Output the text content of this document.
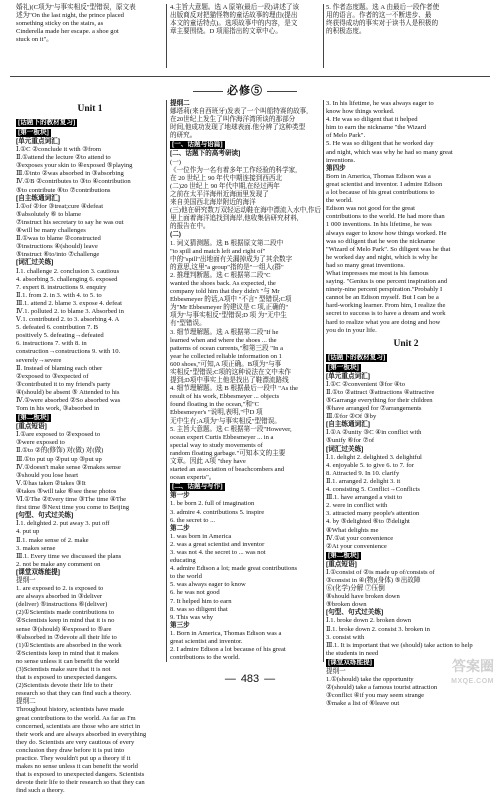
婚礼)(C项为"与事实相反"型错误，原文表
述为"On the last night, the prince placed
something sticky on the stairs, as
Cinderella made her escape. a shoe got
stuck on it"。
4.主旨大意题。选 A 原第(最后一段)讲述了该
出版商反对把猫怪物的童话故事的理由(提出
本文的童话特点)。选项故事中的内容，是文
章主要围绕。D 项需指出的文章中心。
5. 作者态度题。选 A 由最后一段作者使
用的语言。作者的这一不断进步、最
终获得成功的事实对于读书人是积极的
的积极态度。
必修⑤
Unit 1
[话题下的教材复习]
[第一板块]
[单元重点词汇]
Ⅰ.①C ②conclude it with ③from
Ⅱ.①attend the lecture ②to attend to
③exposes your skin to ④exposed ⑤playing
Ⅲ.①into ②was absorbed in ③absorbing
Ⅳ.①B ②contributes to ③to ④contribution
⑤to contribute ⑥to ⑦contributions
[自主练通词汇]
Ⅰ.①of ②for ③treat;cure ④defeat
⑤absolutely ⑥ to blame
⑦instruct his secretary to say he was out
⑧will be many challenges
Ⅱ.①was to blame ②constructed
③instructions ④(should) leave
⑤instruct ⑥to/into ⑦challenge
[词汇过关练]
Ⅰ.1. challenge 2. conclusion 3. cautious
4. absorbing 5. challenging 6. exposed
7. expert 8. instructions 9. enquiry
Ⅱ.1. from 2. in 3. with 4. to 5. to
Ⅲ.1. attend 2. blame 3. expose 4. defeat
Ⅳ.1. polluted 2. to blame 3. Absorbed in
Ⅴ.1. contributed 2. to 3. absorbing 4. A
5. defeated 6. contribution 7. B
positively 5. defeating→defeated
6. instructions 7. with 8. in
construction→constructions 9. with 10.
severely→severe
Ⅱ. Instead of blaming each other
②exposed to ③expected of
③contributed it to my friend's party
④(should) be absent ⑤ Attended to his
Ⅳ.①were absorbed ②So absorbed was
Tom in his work, ③absorbed in
[第二板块]
[重点短语]
Ⅰ.①are exposed to ②exposed to
③were exposed to
Ⅱ.①to ②的(修饰) 对(做) 对(做)
Ⅲ.①to put up ②put up ③put up
Ⅳ.①doesn't make sense ②makes sense
③should you lose heart
Ⅴ.①has taken ②takes ③It
④takes ⑤will take ⑥see these photos
Ⅵ.①The ②Every time ③The time ④The
first time ⑤Next time you come to Beijing
[句型、句式过关练]
Ⅰ.1. delighted 2. put away 3. put off
4. put up
Ⅱ.1. make sense of 2. make
3. makes sense
Ⅲ.1. Every time we discussed the plans
2. not be make any comment on
[课堂双练能提]
提纲一
1. are exposed to 2. is exposed to
are always absorbed in ③deliver
(deliver) ⑤instructions ⑥(deliver)
(2)①Scientists made contributions to
②Scientists keep in mind that it is no
sense ③(should) ④exposed to ⑤are
⑥absorbed in ⑦devote all their life to
(1)①Scientists are absorbed in the work
②Scientists keep in mind that it makes
no sense unless it can benefit the world
(3)Scientists make sure that it is not
that is exposed to unexpected dangers.
(2)Scientists devote their life to their
research so that they can find such a theory.
提纲二
Throughout history, scientists have made
great contributions to the world. As far as I'm
concerned, scientists are those who are strict in
their work and are always absorbed in everything
they do. Scientists are very cautious of every
conclusion they draw before it is put into
practice. They wouldn't put up a theory if it
makes no sense unless it can benefit the world
that is exposed to unexpected dangers. Scientists
devote their life to their research so that they can
find such a theory.
提纲二
娜塔莉(来自西班牙)发表了一个叫船特赛的故事,
在20世纪上发生了叫作海洋湾所谈的那部分
时间,他成功发现了地球表面.他分辨了这种类型
的研究。
[一、话题与语篇]
[二、话题下的高考研读]
(一)
《一位作为一名有着多年工作经验的科学家,
在 20 世纪上 90 年代中期连接到西西北
(二)20 世纪上 90 年代中期,在经过两年
之前在太平洋海州近海面里发现了
来自美国西北海岸附近的海洋
(三)他在研究数万双轻运动鞋在海中漂流入水中,作后
里上面着海洋追找到海岸,他收集倍研究材料,
的报告在中。
(二)
1. 词义猜测题。选 B 根据原文第二段中
"to spill and match left and right of"
中的"spill"出地面有关漏掉成为了其余数字
的意思,这里"a group"指的是"一组人(群"
2. 推理判断题。选 C 根据第二段"C
wanted the shoes back. As expected, the
company told him that they didn't "与 Mr
Ebbesmeyer 的话,A项中 "不言" 型错误;C项
为"Mr Ebbesmeyer 的建议是 C 项,正确的"
项为"与事实相反"型错误;D 项 为"无中生
有"型错误。
3. 细节理解题。选 A 根据第二段"If he
learned when and where the shoes ... the
patterns of ocean currents,"和第三段 "In a
year he collected reliable information on 1
600 shoes,"可知,A 项正确。B项为"与事
实相反"型错误;C项的这种说法在文中未作
提到;D项中事实上他是找出了鞋漂流路线
4. 细节理解题。选 B 根据最后一段中 "As the
result of his work, Ebbesmeyer ... objects
found floating in the ocean,"和"C
Ebbesmeyer's "说明,表明,"中D 项
无中生有;A项为"与事实相反"型错误。
5. 主旨大意题。选 C 根据第一段"However,
ocean expert Curtis Ebbesmeyer ... in a
special way to study movements of
random floating garbage."可知本文的主要
文章。因此 A项 "they have
started an association of beachcombers and
ocean experts"。
[二、话题与写作]
第一步
1. be born 2. full of imagination
3. admire 4. contributions 5. inspire
6. the secret to ...
第二步
1. was born in America
2. was a great scientist and inventor
3. was not 4. the secret to ... was not
educating
4. admire Edison a lot; made great contributions
to the world
5. was always eager to know
6. he was not good
7. It helped him to earn
8. was so diligent that
9. This was why
第三步
1. Born in America, Thomas Edison was a
great scientist and inventor.
2. I admire Edison a lot because of his great
contributions to the world.
3. In his lifetime, he was always eager to
know how things worked.
4. He was so diligent that it helped
him to earn the nickname "the Wizard
of Melo Park".
5. He was so diligent that he worked day
and night, which was why he had so many great
inventions.
第四步
Born in America, Thomas Edison was a
great scientist and inventor. I admire Edison
a lot because of his great contributions to
the world.
Edison was not good for the great
contributions to the world. He had more than
1 000 inventions. In his lifetime, he was
always eager to know how things worked. He
was so diligent that he won the nickname
"Wizard of Melo Park". So diligent was he that
he worked day and night, which is why he
had so many great inventions.
What impresses me most is his famous
saying. "Genius is one percent inspiration and
ninety-nine percent perspiration."Probably I
cannot be an Edison myself. But I can be a
hard-working learner. From him, I realize the
secret to success is to have a dream and work
hard to realize what you are doing and how
you do in your life.
Unit 2
[话题下的教材复习]
[第一板块]
[单元重点词汇]
Ⅰ.①C ②convenient ③for ④to
Ⅱ.①to ②attract ③attractions ④attractive
⑤Garrange everything for their children
⑥have arranged for ⑦arrangements
Ⅲ.①for ②Of ③by
[自主练通词汇]
Ⅰ.①A ②unity ③C ④in conflict with
⑤unify ⑥for ⑦of
[词汇过关练]
Ⅰ.1. delight 2. delighted 3. delightful
4. enjoyable 5. to give 6. to 7. for
8. Attracted 9. In 10. clarify
Ⅱ.1. arranged 2. delight 3. it
4. consisting 5. Conflict→Conflicts
Ⅲ.1. have arranged a visit to
2. were in conflict with
3. attracted many people's attention
4. by ⑤delighted ⑥to ⑦delight
⑧What delights me
Ⅳ.①at your convenience
②At your convenience
[第二板块]
[重点短语]
Ⅰ.①consist of ②is made up of/consists of
③consist in ④(物)(身体) ⑤出故障
⑥(化学)分解 ⑦压倒
⑧should have broken down
⑨broken down
[句型、句式过关练]
Ⅰ.1. broke down 2. broken down
Ⅱ.1. broke down 2. consist 3. broken in
3. consist with
Ⅲ.1. It is important that we (should) take action to help
the students in need
[课堂双练能提]
提纲一
1.①(should) take the opportunity
②(should) take a famous tourist attraction
③conflict ④if you may seem strange
⑤make a list of ⑥leave out
— 483 —
答案圈
MXQE.COM
